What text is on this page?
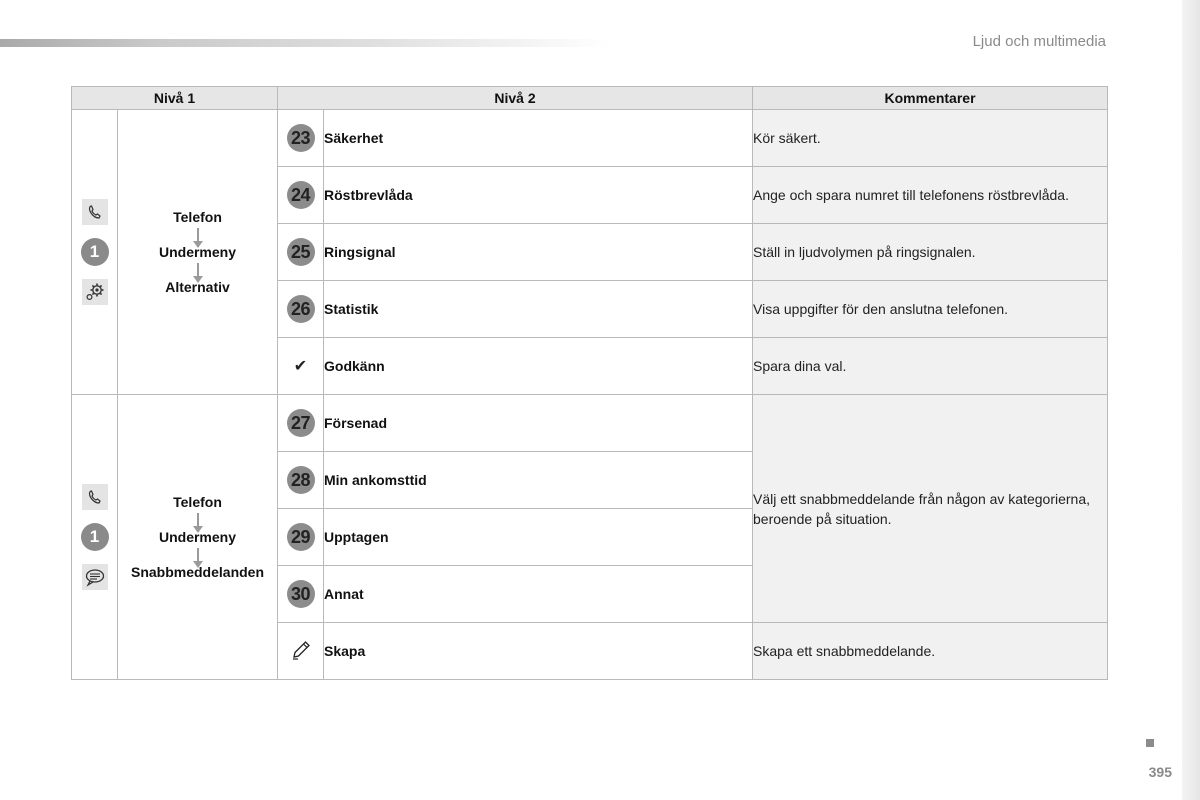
Ljud och multimedia
Nivå 1		Nivå 2		Kommentarer

1	Telefon
Undermeny
Alternativ	23	Säkerhet	Kör säkert.

		24	Röstbrevlåda	Ange och spara numret till telefonens röstbrevlåda.

		25	Ringsignal	Ställ in ljudvolymen på ringsignalen.

		26	Statistik	Visa uppgifter för den anslutna telefonen.
		✔	Godkänn	Spara dina val.

1	Telefon
Undermeny
Snabbmeddelanden	27	Försenad	Välj ett snabbmeddelande från någon av kategorierna, beroende på situation.

		28	Min ankomsttid	

		29	Upptagen	

		30	Annat	
	Skapa	Skapa ett snabbmeddelande.
395
